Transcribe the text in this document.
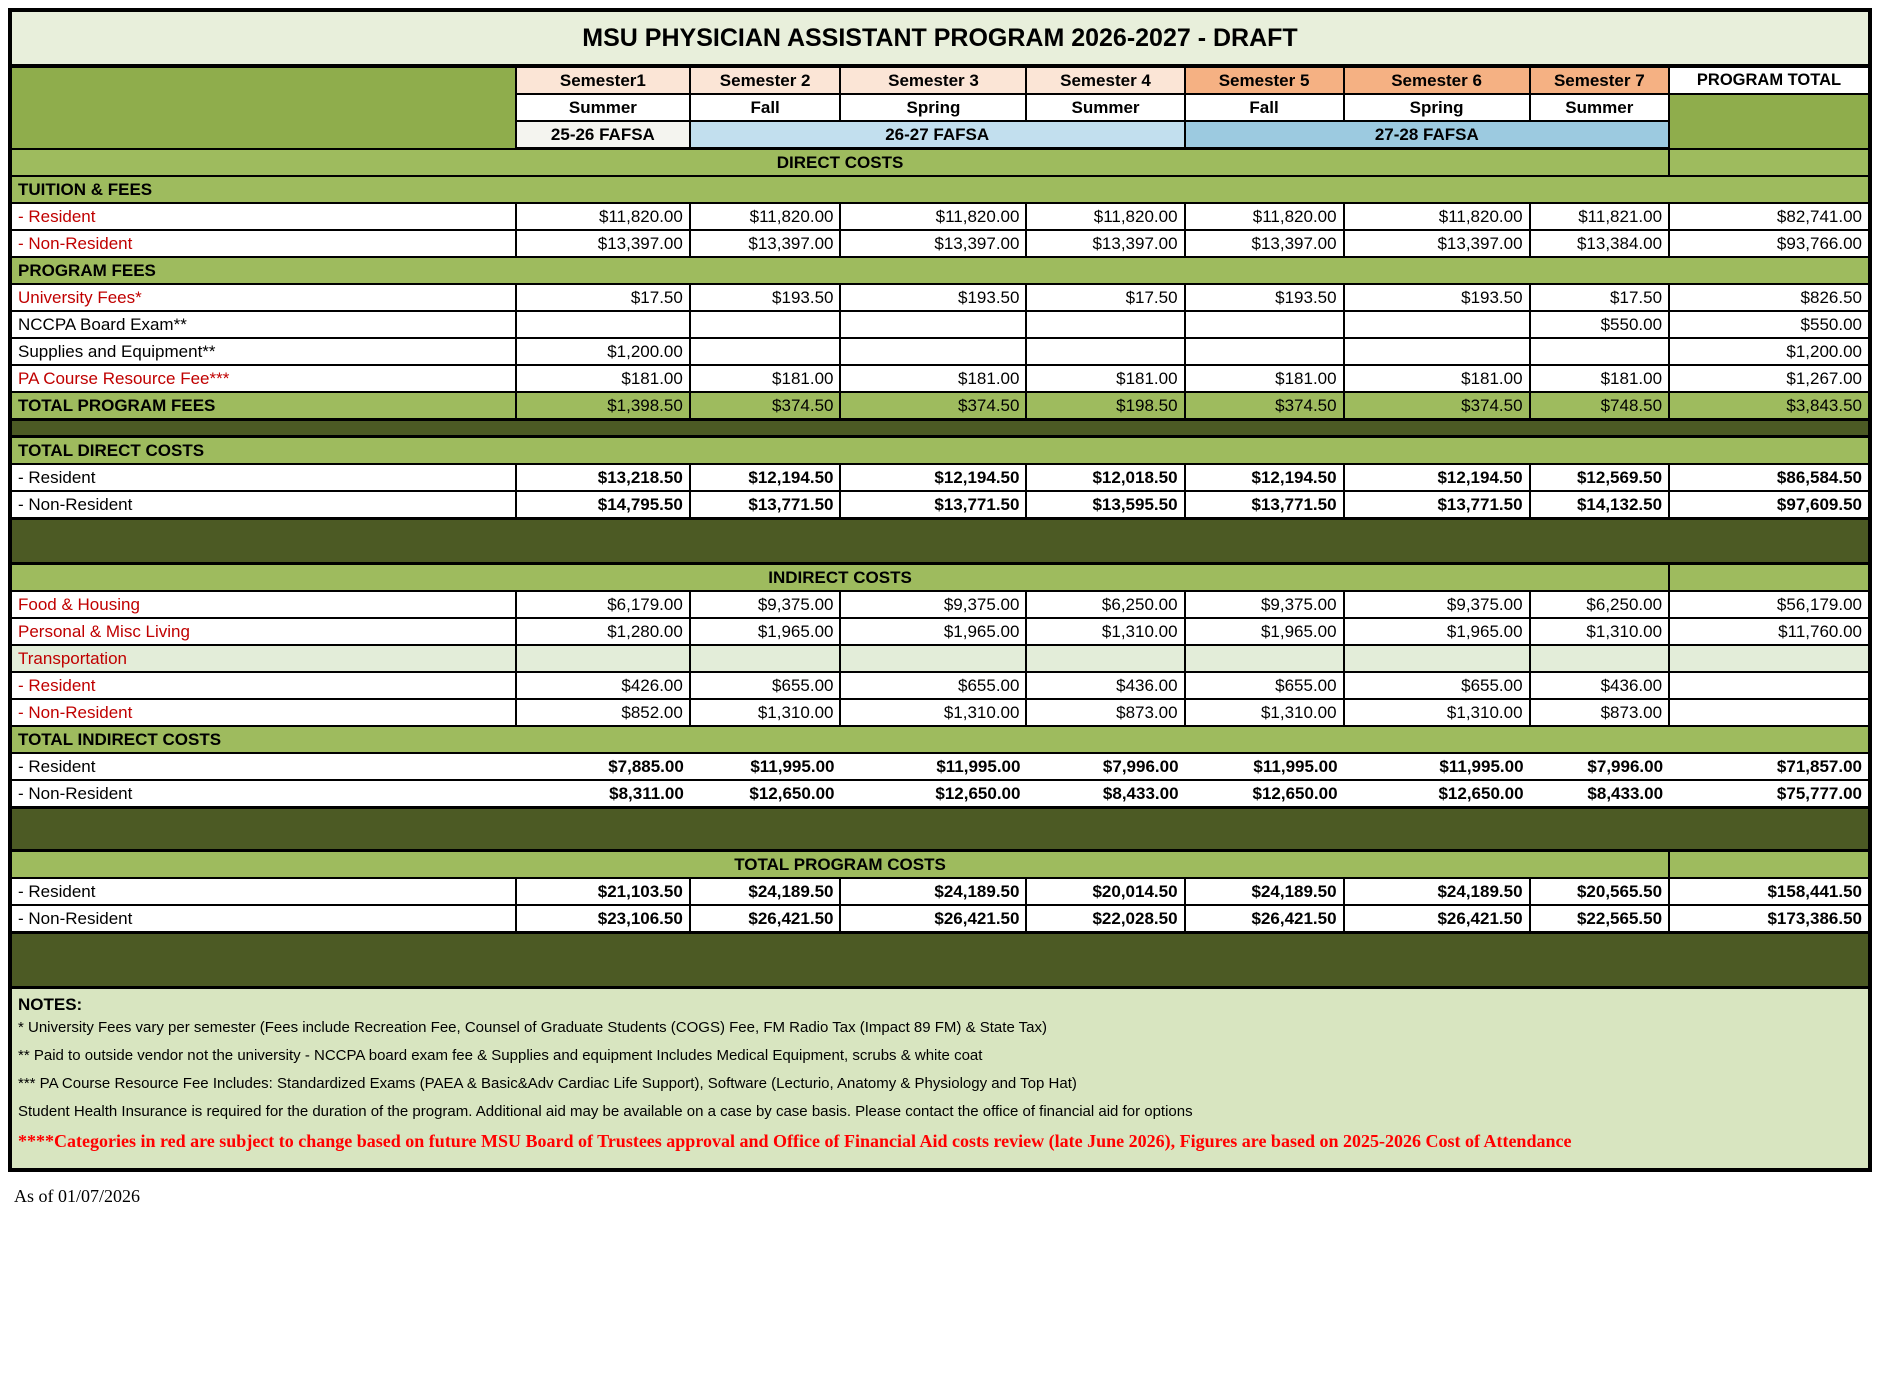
MSU PHYSICIAN ASSISTANT PROGRAM 2026-2027 - DRAFT								
	Semester1	Semester 2	Semester 3	Semester 4	Semester 5	Semester 6	Semester 7	PROGRAM TOTAL
	Summer	Fall	Spring	Summer	Fall	Spring	Summer	
	25-26 FAFSA	26-27 FAFSA			27-28 FAFSA			
DIRECT COSTS								
TUITION & FEES								
- Resident	$11,820.00	$11,820.00	$11,820.00	$11,820.00	$11,820.00	$11,820.00	$11,821.00	$82,741.00
- Non-Resident	$13,397.00	$13,397.00	$13,397.00	$13,397.00	$13,397.00	$13,397.00	$13,384.00	$93,766.00
PROGRAM FEES								
University Fees*	$17.50	$193.50	$193.50	$17.50	$193.50	$193.50	$17.50	$826.50
NCCPA Board Exam**							$550.00	$550.00
Supplies and Equipment**	$1,200.00							$1,200.00
PA Course Resource Fee***	$181.00	$181.00	$181.00	$181.00	$181.00	$181.00	$181.00	$1,267.00
TOTAL PROGRAM FEES	$1,398.50	$374.50	$374.50	$198.50	$374.50	$374.50	$748.50	$3,843.50

TOTAL DIRECT COSTS								
- Resident	$13,218.50	$12,194.50	$12,194.50	$12,018.50	$12,194.50	$12,194.50	$12,569.50	$86,584.50
- Non-Resident	$14,795.50	$13,771.50	$13,771.50	$13,595.50	$13,771.50	$13,771.50	$14,132.50	$97,609.50

INDIRECT COSTS								
Food & Housing	$6,179.00	$9,375.00	$9,375.00	$6,250.00	$9,375.00	$9,375.00	$6,250.00	$56,179.00
Personal & Misc Living	$1,280.00	$1,965.00	$1,965.00	$1,310.00	$1,965.00	$1,965.00	$1,310.00	$11,760.00
Transportation								
- Resident	$426.00	$655.00	$655.00	$436.00	$655.00	$655.00	$436.00	
- Non-Resident	$852.00	$1,310.00	$1,310.00	$873.00	$1,310.00	$1,310.00	$873.00	
TOTAL INDIRECT COSTS								
- Resident	$7,885.00	$11,995.00	$11,995.00	$7,996.00	$11,995.00	$11,995.00	$7,996.00	$71,857.00
- Non-Resident	$8,311.00	$12,650.00	$12,650.00	$8,433.00	$12,650.00	$12,650.00	$8,433.00	$75,777.00

TOTAL PROGRAM COSTS								
- Resident	$21,103.50	$24,189.50	$24,189.50	$20,014.50	$24,189.50	$24,189.50	$20,565.50	$158,441.50
- Non-Resident	$23,106.50	$26,421.50	$26,421.50	$22,028.50	$26,421.50	$26,421.50	$22,565.50	$173,386.50

NOTES:
* University Fees vary per semester (Fees include Recreation Fee, Counsel of Graduate Students (COGS) Fee, FM Radio Tax (Impact 89 FM) & State Tax)
** Paid to outside vendor not the university - NCCPA board exam fee & Supplies and equipment Includes Medical Equipment, scrubs & white coat
*** PA Course Resource Fee Includes: Standardized Exams (PAEA & Basic&Adv Cardiac Life Support), Software (Lecturio, Anatomy & Physiology and Top Hat)
Student Health Insurance is required for the duration of the program. Additional aid may be available on a case by case basis. Please contact the office of financial aid for options
****Categories in red are subject to change based on future MSU Board of Trustees approval and Office of Financial Aid costs review (late June 2026), Figures are based on 2025-2026 Cost of Attendance
As of 01/07/2026
